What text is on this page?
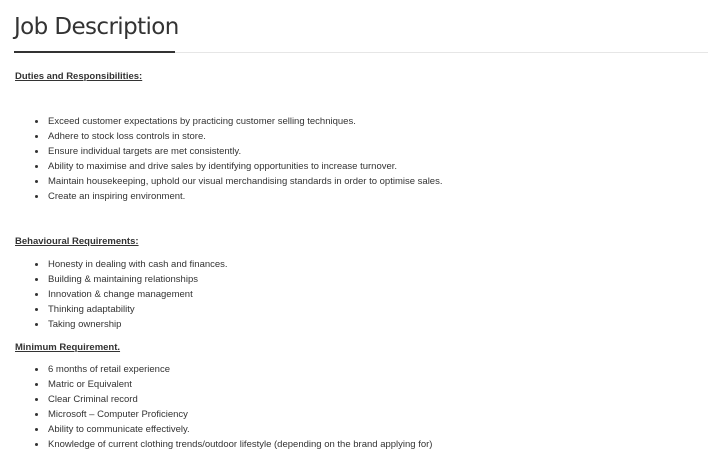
Job Description

Duties and Responsibilities:

Exceed customer expectations by practicing customer selling techniques.
Adhere to stock loss controls in store.
Ensure individual targets are met consistently.
Ability to maximise and drive sales by identifying opportunities to increase turnover.
Maintain housekeeping, uphold our visual merchandising standards in order to optimise sales.
Create an inspiring environment.

Behavioural Requirements:

Honesty in dealing with cash and finances.
Building & maintaining relationships
Innovation & change management
Thinking adaptability
Taking ownership

Minimum Requirement.

6 months of retail experience
Matric or Equivalent
Clear Criminal record
Microsoft – Computer Proficiency
Ability to communicate effectively.
Knowledge of current clothing trends/outdoor lifestyle (depending on the brand applying for)
